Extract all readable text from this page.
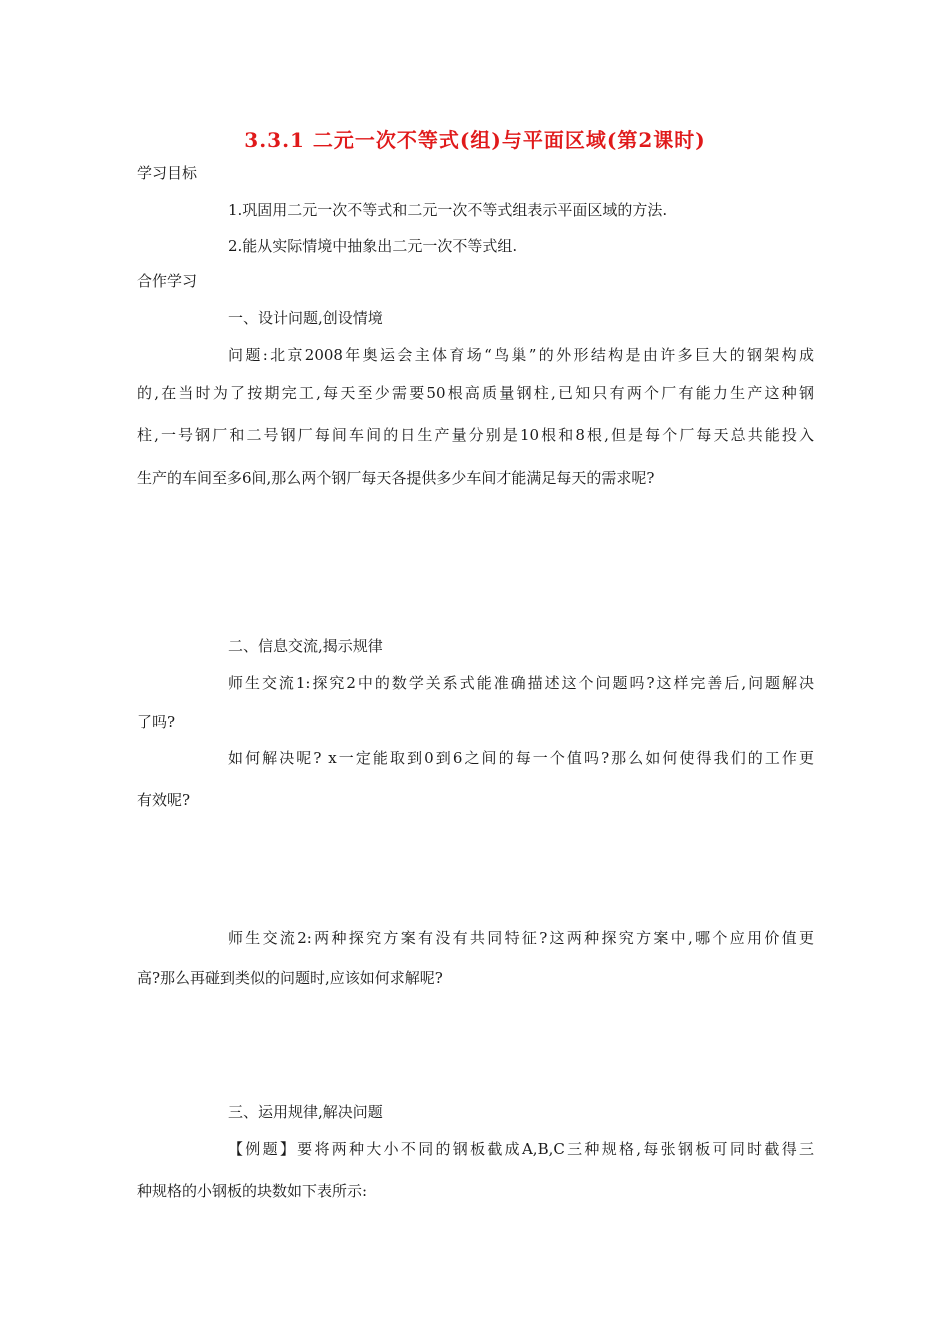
3.3.1 二元一次不等式(组)与平面区域(第2课时)
学习目标
1.巩固用二元一次不等式和二元一次不等式组表示平面区域的方法.
2.能从实际情境中抽象出二元一次不等式组.
合作学习
一、设计问题,创设情境
问题:北京2008年奥运会主体育场“鸟巢”的外形结构是由许多巨大的钢架构成
的,在当时为了按期完工,每天至少需要50根高质量钢柱,已知只有两个厂有能力生产这种钢
柱,一号钢厂和二号钢厂每间车间的日生产量分别是10根和8根,但是每个厂每天总共能投入
生产的车间至多6间,那么两个钢厂每天各提供多少车间才能满足每天的需求呢?
二、信息交流,揭示规律
师生交流1:探究2中的数学关系式能准确描述这个问题吗?这样完善后,问题解决
了吗?
如何解决呢? x一定能取到0到6之间的每一个值吗?那么如何使得我们的工作更
有效呢?
师生交流2:两种探究方案有没有共同特征?这两种探究方案中,哪个应用价值更
高?那么再碰到类似的问题时,应该如何求解呢?
三、运用规律,解决问题
【例题】要将两种大小不同的钢板截成A,B,C三种规格,每张钢板可同时截得三
种规格的小钢板的块数如下表所示:
